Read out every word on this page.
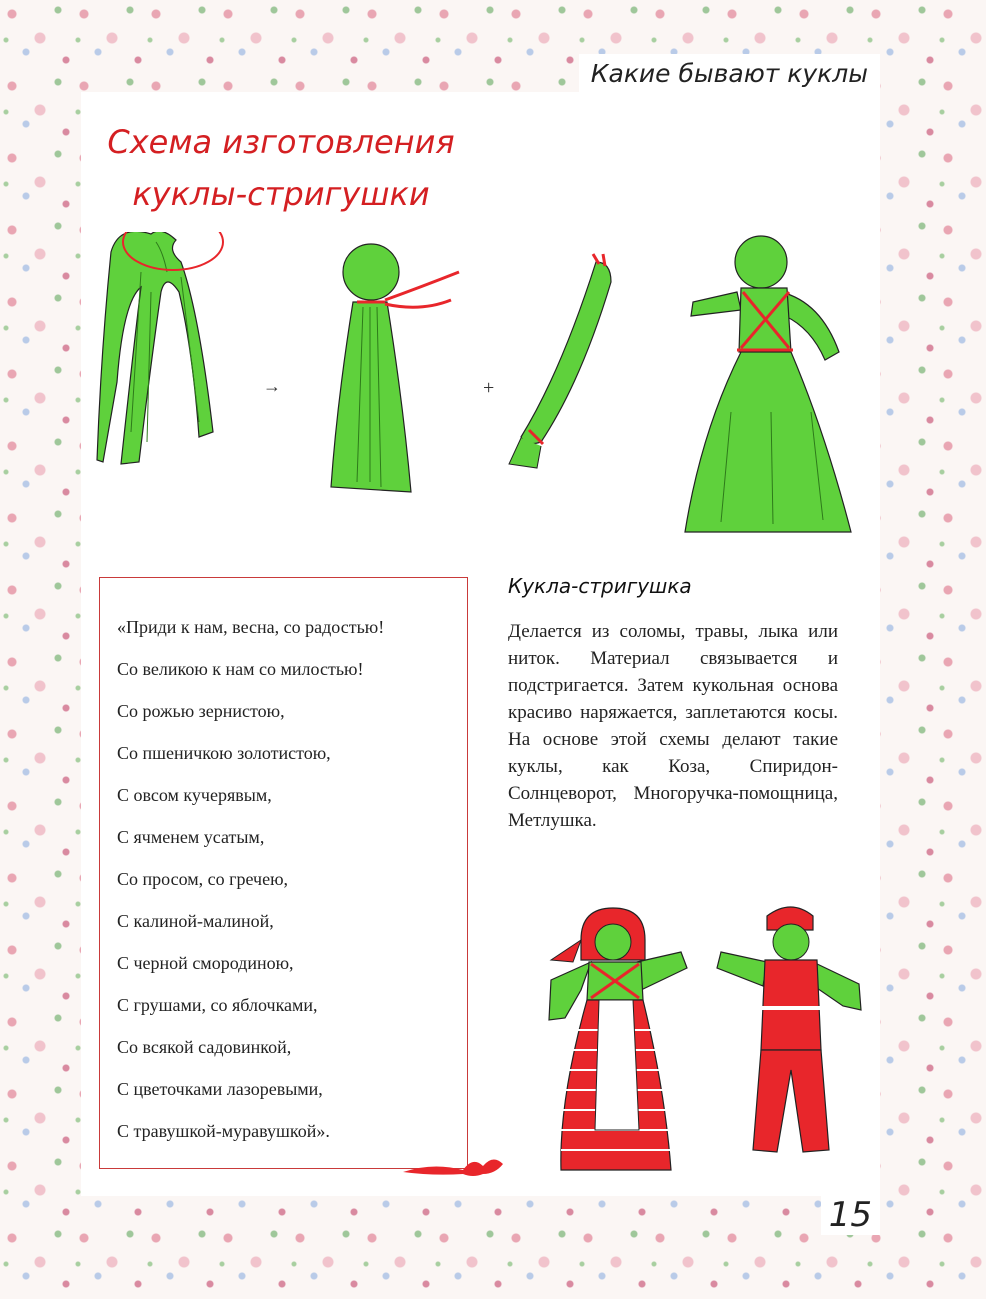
Какие бывают куклы
Схема изготовления
куклы-стригушки
→	+
«Приди к нам, весна, со радостью!
Со великою к нам со милостью!
Со рожью зернистою,
Со пшеничкою золотистою,
С овсом кучерявым,
С ячменем усатым,
Со просом, со гречею,
С калиной-малиной,
С черной смородиною,
С грушами, со яблочками,
Со всякой садовинкой,
С цветочками лазоревыми,
С травушкой-муравушкой».
Кукла-стригушка

Делается из соломы, травы, лыка или ниток. Материал связывается и подстригается. Затем кукольная основа красиво наряжается, заплетаются косы. На основе этой схемы делают такие куклы, как Коза, Спиридон-Солнцеворот, Многоручка-помощница, Метлушка.

15
